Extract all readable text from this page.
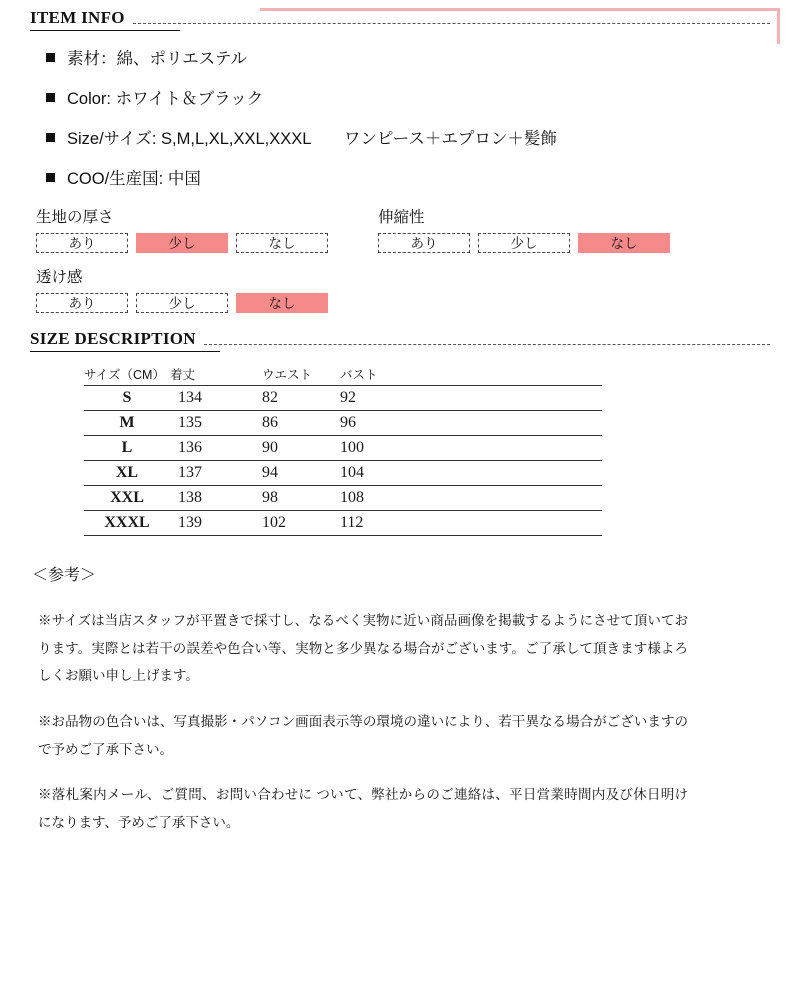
ITEM INFO
素材：綿、ポリエステル
Color: ホワイト＆ブラック
Size/サイズ: S,M,L,XL,XXL,XXXL　　ワンピース＋エプロン＋髪飾
COO/生産国: 中国
生地の厚さ
あり	少し	なし
伸縮性
あり	少し	なし
透け感
あり	少し	なし
SIZE DESCRIPTION
サイズ（CM）	着丈	ウエスト	バスト
S	134	82	92
M	135	86	96
L	136	90	100
XL	137	94	104
XXL	138	98	108
XXXL	139	102	112
＜参考＞
※サイズは当店スタッフが平置きで採寸し、なるべく実物に近い商品画像を掲載するようにさせて頂いております。実際とは若干の誤差や色合い等、実物と多少異なる場合がございます。ご了承して頂きます様よろしくお願い申し上げます。
※お品物の色合いは、写真撮影・パソコン画面表示等の環境の違いにより、若干異なる場合がございますので予めご了承下さい。
※落札案内メール、ご質問、お問い合わせに ついて、弊社からのご連絡は、平日営業時間内及び休日明けになります、予めご了承下さい。
